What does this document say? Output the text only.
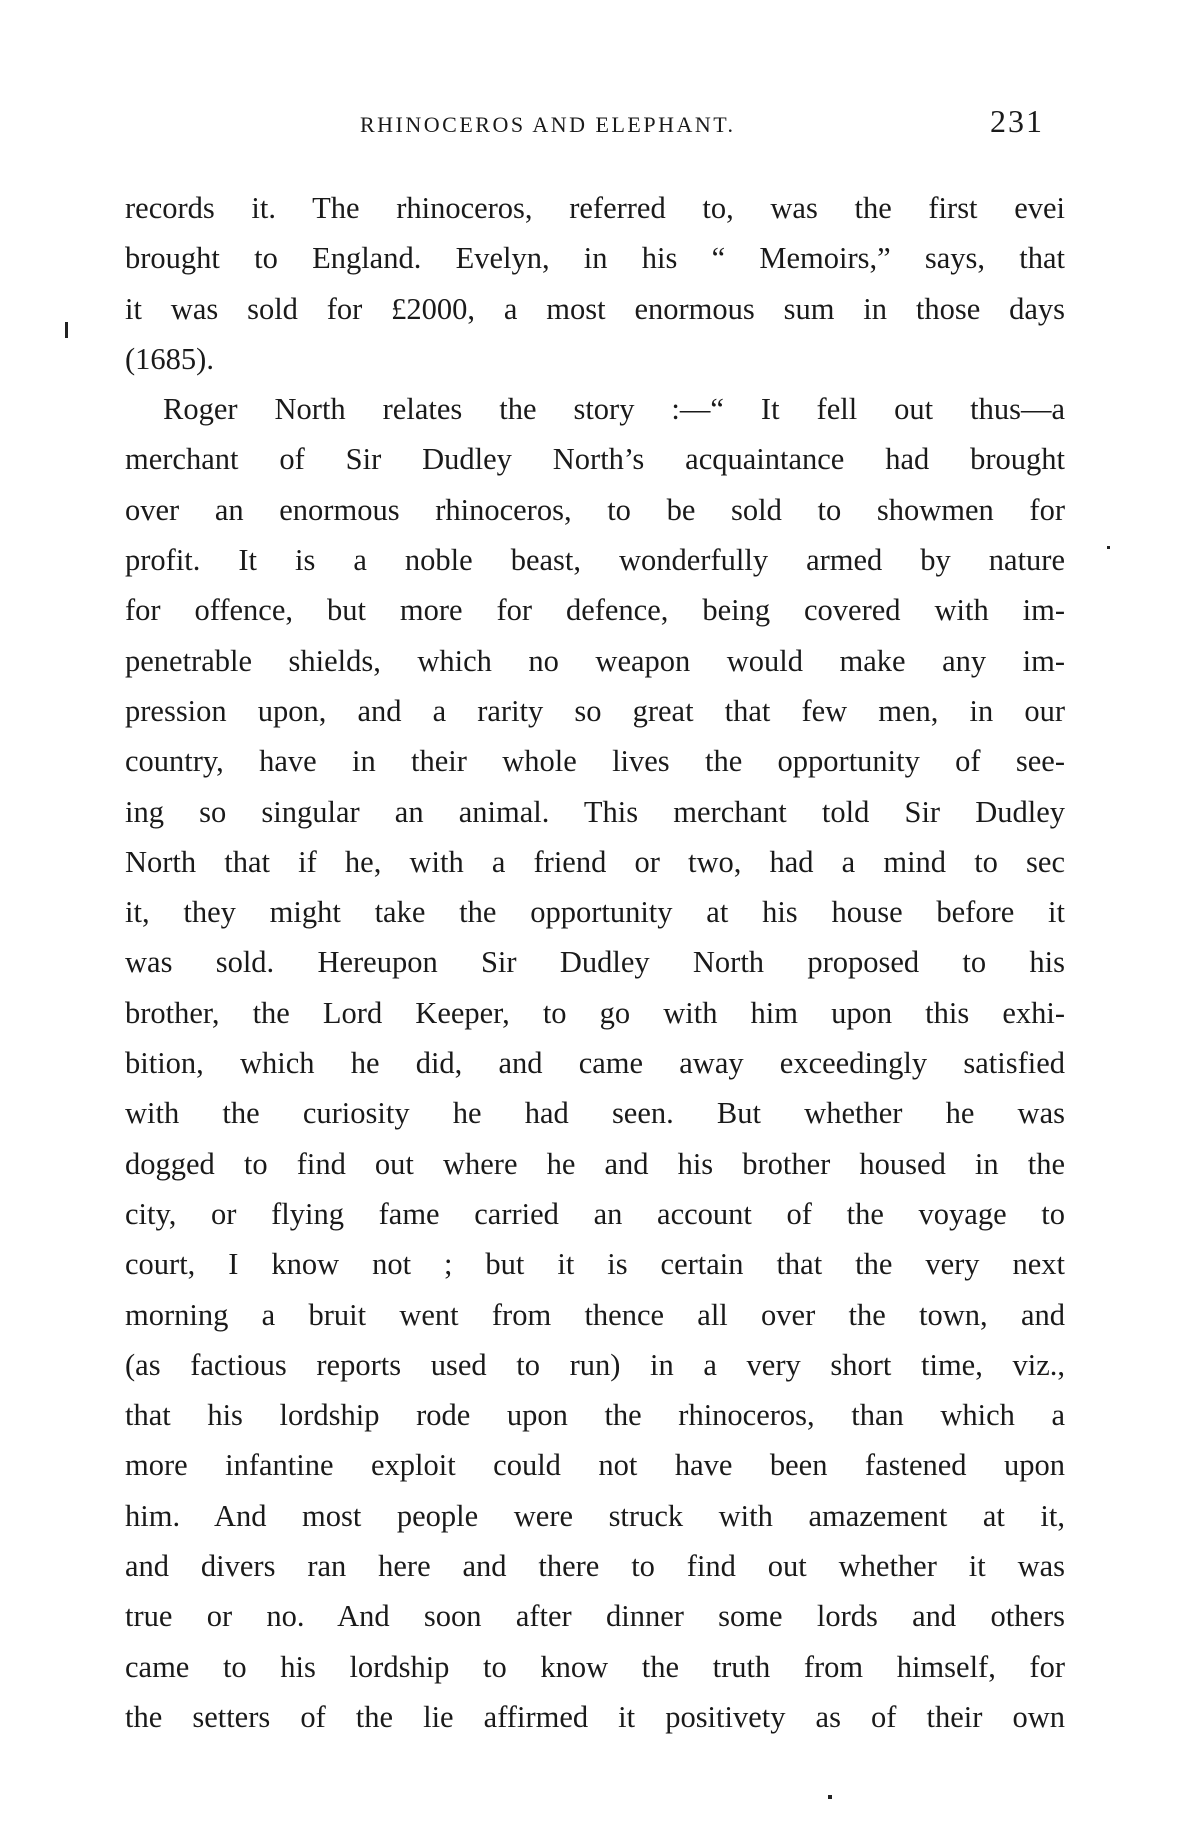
RHINOCEROS AND ELEPHANT.	231
records it. The rhinoceros, referred to, was the first evei
brought to England. Evelyn, in his “ Memoirs,” says, that
it was sold for £2000, a most enormous sum in those days
(1685).
Roger North relates the story :—“ It fell out thus—a
merchant of Sir Dudley North’s acquaintance had brought
over an enormous rhinoceros, to be sold to showmen for
profit. It is a noble beast, wonderfully armed by nature
for offence, but more for defence, being covered with im-
penetrable shields, which no weapon would make any im-
pression upon, and a rarity so great that few men, in our
country, have in their whole lives the opportunity of see-
ing so singular an animal. This merchant told Sir Dudley
North that if he, with a friend or two, had a mind to sec
it, they might take the opportunity at his house before it
was sold. Hereupon Sir Dudley North proposed to his
brother, the Lord Keeper, to go with him upon this exhi-
bition, which he did, and came away exceedingly satisfied
with the curiosity he had seen. But whether he was
dogged to find out where he and his brother housed in the
city, or flying fame carried an account of the voyage to
court, I know not ; but it is certain that the very next
morning a bruit went from thence all over the town, and
(as factious reports used to run) in a very short time, viz.,
that his lordship rode upon the rhinoceros, than which a
more infantine exploit could not have been fastened upon
him. And most people were struck with amazement at it,
and divers ran here and there to find out whether it was
true or no. And soon after dinner some lords and others
came to his lordship to know the truth from himself, for
the setters of the lie affirmed it positivety as of their own
